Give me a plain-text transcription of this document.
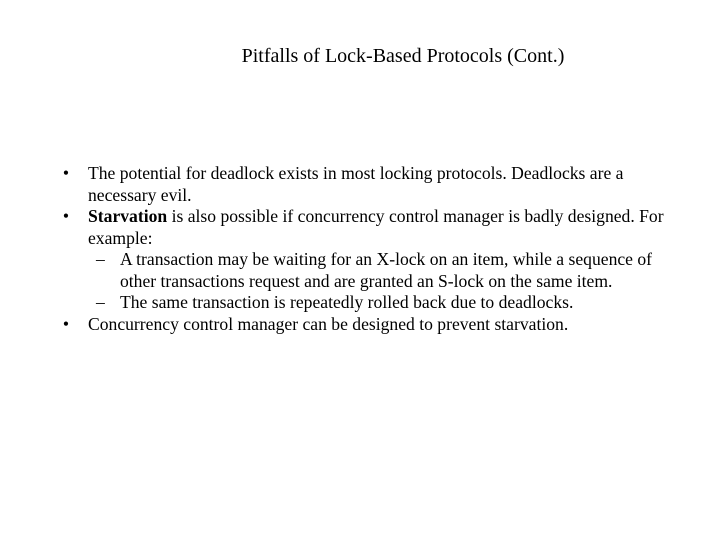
Pitfalls of Lock-Based Protocols (Cont.)
•	The potential for deadlock exists in most locking protocols. Deadlocks are a necessary evil.
•	Starvation is also possible if concurrency control manager is badly designed. For example:
– A transaction may be waiting for an X-lock on an item, while a sequence of other transactions request and are granted an S-lock on the same item.
– The same transaction is repeatedly rolled back due to deadlocks.
•	Concurrency control manager can be designed to prevent starvation.
